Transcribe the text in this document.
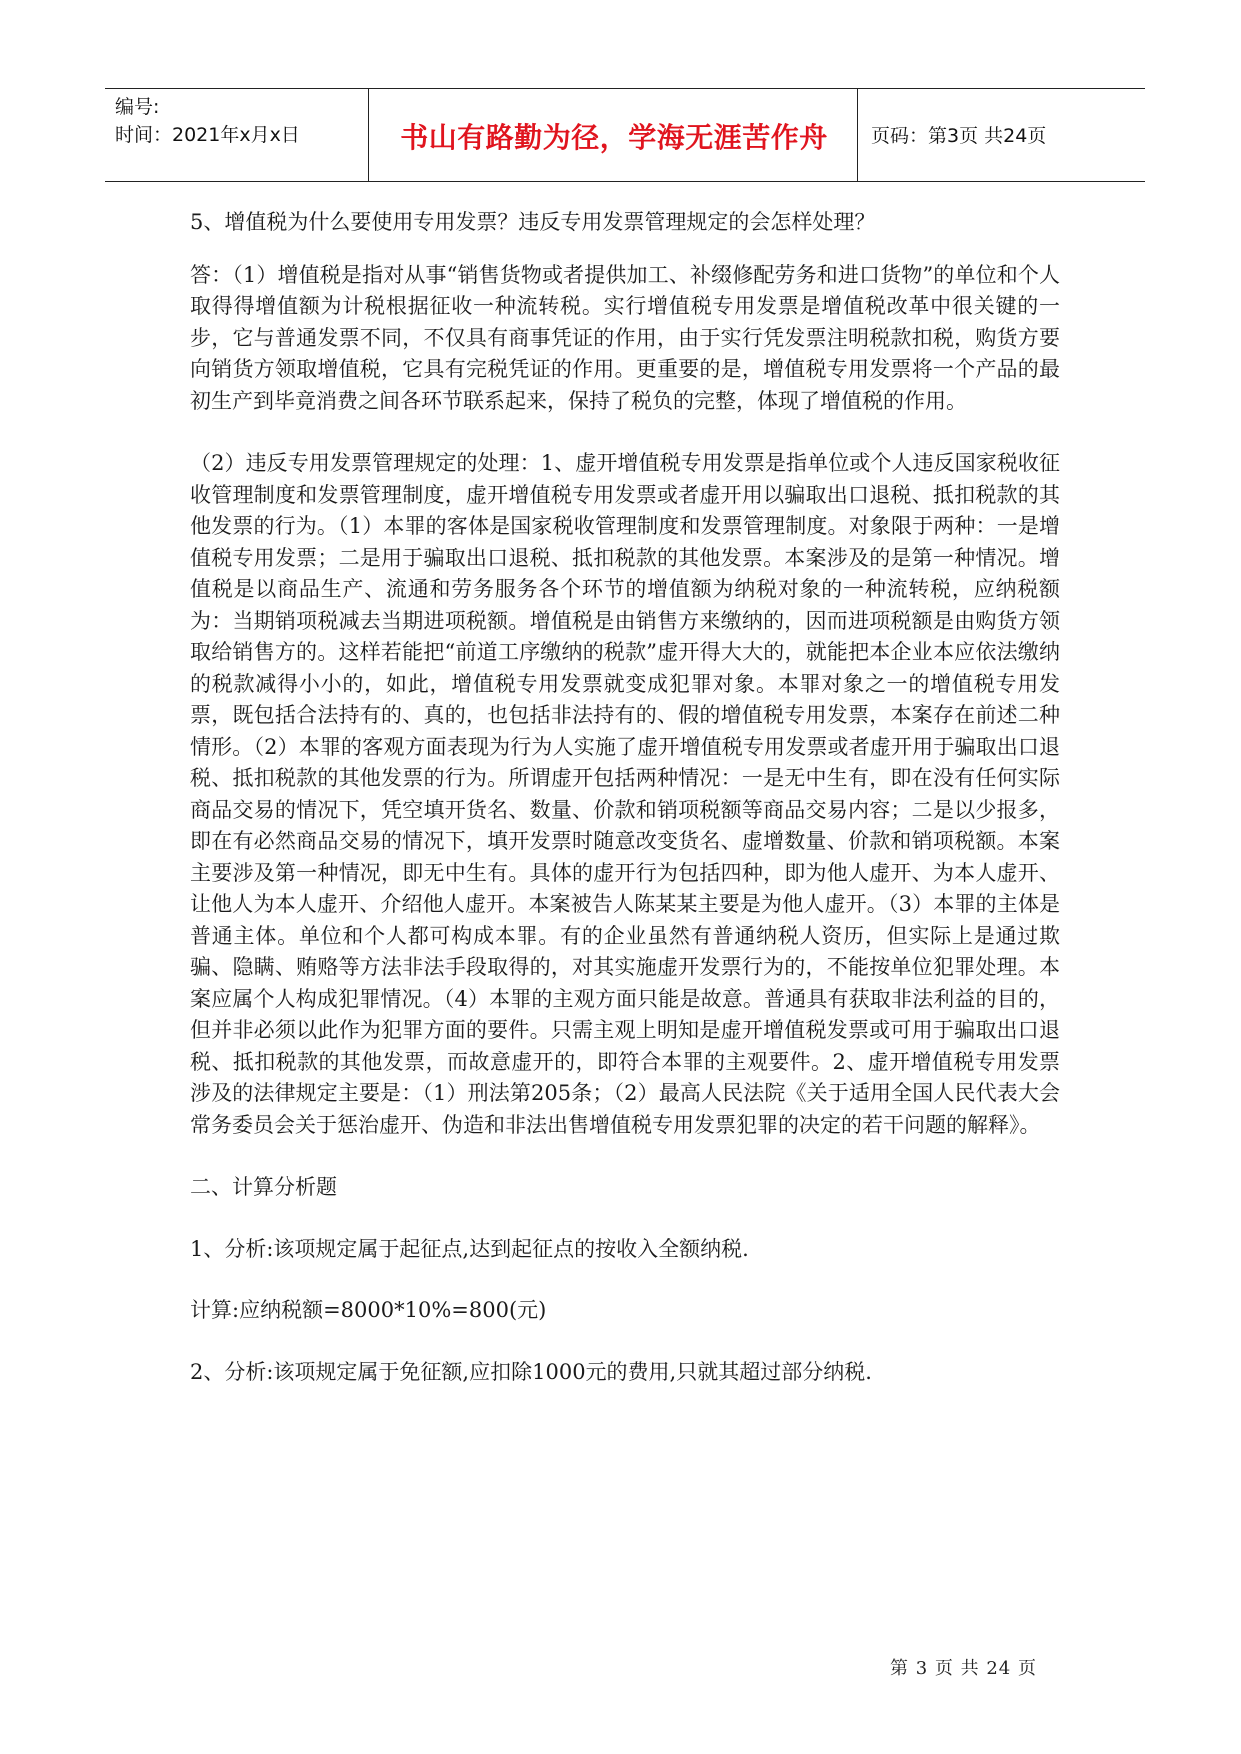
编号:
时间：2021年x月x日	书山有路勤为径，学海无涯苦作舟	页码：第3页 共24页

5、增值税为什么要使用专用发票？违反专用发票管理规定的会怎样处理？

答：（1）增值税是指对从事“销售货物或者提供加工、补缀修配劳务和进口货物”的单位和个人取得得增值额为计税根据征收一种流转税。实行增值税专用发票是增值税改革中很关键的一步，它与普通发票不同，不仅具有商事凭证的作用，由于实行凭发票注明税款扣税，购货方要向销货方领取增值税，它具有完税凭证的作用。更重要的是，增值税专用发票将一个产品的最初生产到毕竟消费之间各环节联系起来，保持了税负的完整，体现了增值税的作用。

（2）违反专用发票管理规定的处理：1、虚开增值税专用发票是指单位或个人违反国家税收征收管理制度和发票管理制度，虚开增值税专用发票或者虚开用以骗取出口退税、抵扣税款的其他发票的行为。（1）本罪的客体是国家税收管理制度和发票管理制度。对象限于两种：一是增值税专用发票；二是用于骗取出口退税、抵扣税款的其他发票。本案涉及的是第一种情况。增值税是以商品生产、流通和劳务服务各个环节的增值额为纳税对象的一种流转税，应纳税额为：当期销项税减去当期进项税额。增值税是由销售方来缴纳的，因而进项税额是由购货方领取给销售方的。这样若能把“前道工序缴纳的税款”虚开得大大的，就能把本企业本应依法缴纳的税款减得小小的，如此，增值税专用发票就变成犯罪对象。本罪对象之一的增值税专用发票，既包括合法持有的、真的，也包括非法持有的、假的增值税专用发票，本案存在前述二种情形。（2）本罪的客观方面表现为行为人实施了虚开增值税专用发票或者虚开用于骗取出口退税、抵扣税款的其他发票的行为。所谓虚开包括两种情况：一是无中生有，即在没有任何实际商品交易的情况下，凭空填开货名、数量、价款和销项税额等商品交易内容；二是以少报多，即在有必然商品交易的情况下，填开发票时随意改变货名、虚增数量、价款和销项税额。本案主要涉及第一种情况，即无中生有。具体的虚开行为包括四种，即为他人虚开、为本人虚开、让他人为本人虚开、介绍他人虚开。本案被告人陈某某主要是为他人虚开。（3）本罪的主体是普通主体。单位和个人都可构成本罪。有的企业虽然有普通纳税人资历，但实际上是通过欺骗、隐瞒、贿赂等方法非法手段取得的，对其实施虚开发票行为的，不能按单位犯罪处理。本案应属个人构成犯罪情况。（4）本罪的主观方面只能是故意。普通具有获取非法利益的目的，但并非必须以此作为犯罪方面的要件。只需主观上明知是虚开增值税发票或可用于骗取出口退税、抵扣税款的其他发票，而故意虚开的，即符合本罪的主观要件。2、虚开增值税专用发票涉及的法律规定主要是：（1）刑法第205条；（2）最高人民法院《关于适用全国人民代表大会常务委员会关于惩治虚开、伪造和非法出售增值税专用发票犯罪的决定的若干问题的解释》。

二、计算分析题

1、分析:该项规定属于起征点,达到起征点的按收入全额纳税.

计算:应纳税额=8000*10%=800(元)

2、分析:该项规定属于免征额,应扣除1000元的费用,只就其超过部分纳税.

第 3 页 共 24 页
